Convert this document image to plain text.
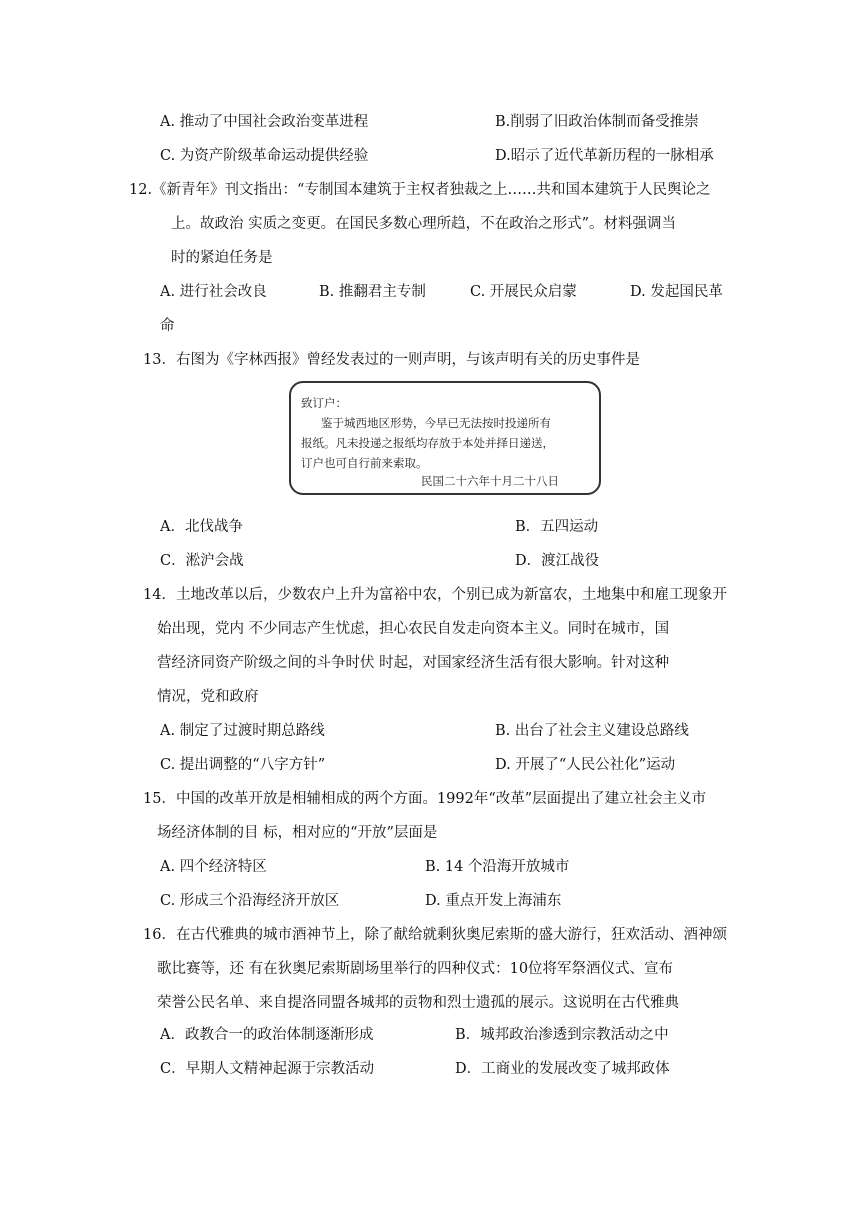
A. 推动了中国社会政治变革进程	B.削弱了旧政治体制而备受推崇
C. 为资产阶级革命运动提供经验	D.昭示了近代革新历程的一脉相承
12.《新青年》刊文指出：“专制国本建筑于主权者独裁之上……共和国本建筑于人民舆论之
上。故政治 实质之变更。在国民多数心理所趋，不在政治之形式”。材料强调当
时的紧迫任务是
A. 进行社会改良	B. 推翻君主专制	C. 开展民众启蒙	D. 发起国民革
命
13．右图为《字林西报》曾经发表过的一则声明，与该声明有关的历史事件是
致订户：
鉴于城西地区形势，今早已无法按时投递所有
报纸。凡未投递之报纸均存放于本处并择日递送，
订户也可自行前来索取。
民国二十六年十月二十八日
A．北伐战争	B．五四运动
C．淞沪会战	D．渡江战役
14．土地改革以后，少数农户上升为富裕中农，个别已成为新富农，土地集中和雇工现象开
始出现，党内 不少同志产生忧虑，担心农民自发走向资本主义。同时在城市，国
营经济同资产阶级之间的斗争时伏 时起，对国家经济生活有很大影响。针对这种
情况，党和政府
A. 制定了过渡时期总路线	B. 出台了社会主义建设总路线
C. 提出调整的“八字方针”	D. 开展了“人民公社化”运动
15．中国的改革开放是相辅相成的两个方面。1992年“改革”层面提出了建立社会主义市
场经济体制的目 标，相对应的“开放”层面是
A. 四个经济特区	B. 14 个沿海开放城市
C. 形成三个沿海经济开放区	D. 重点开发上海浦东
16．在古代雅典的城市酒神节上，除了献给就剩狄奥尼索斯的盛大游行，狂欢活动、酒神颂
歌比赛等，还 有在狄奥尼索斯剧场里举行的四种仪式：10位将军祭酒仪式、宣布
荣誉公民名单、来自提洛同盟各城邦的贡物和烈士遗孤的展示。这说明在古代雅典
A．政教合一的政治体制逐渐形成	B．城邦政治渗透到宗教活动之中
C．早期人文精神起源于宗教活动	D．工商业的发展改变了城邦政体
